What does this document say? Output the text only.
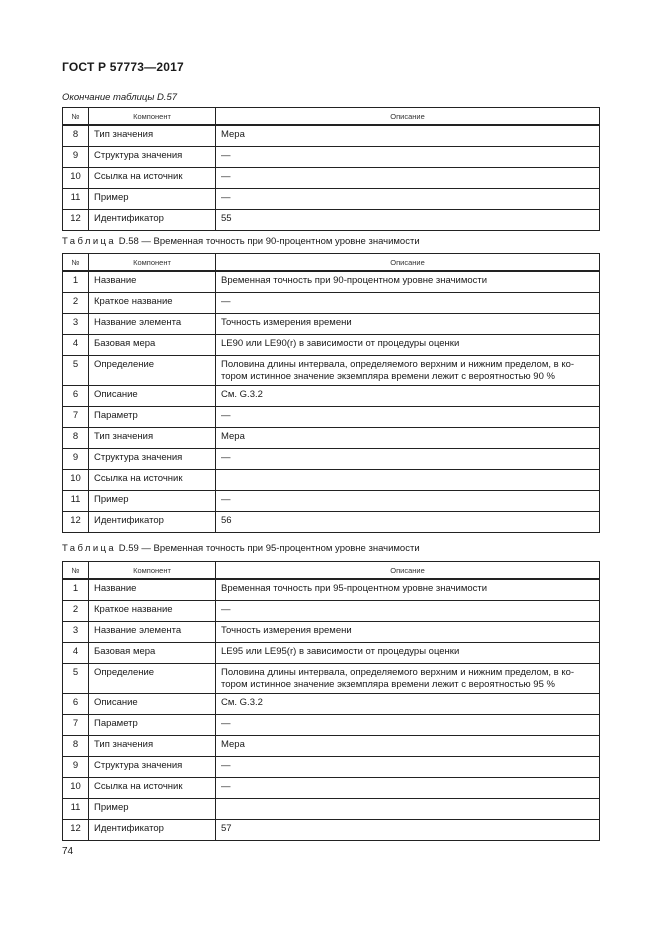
ГОСТ Р 57773—2017
Окончание таблицы D.57
№	Компонент	Описание
8	Тип значения	Мера
9	Структура значения	—
10	Ссылка на источник	—
11	Пример	—
12	Идентификатор	55
Таблица D.58 — Временная точность при 90-процентном уровне значимости
№	Компонент	Описание
1	Название	Временная точность при 90-процентном уровне значимости
2	Краткое название	—
3	Название элемента	Точность измерения времени
4	Базовая мера	LE90 или LE90(r) в зависимости от процедуры оценки
5	Определение	Половина длины интервала, определяемого верхним и нижним пределом, в ко-
тором истинное значение экземпляра времени лежит с вероятностью 90 %

6	Описание	См. G.3.2
7	Параметр	—
8	Тип значения	Мера
9	Структура значения	—
10	Ссылка на источник	
11	Пример	—
12	Идентификатор	56
Таблица D.59 — Временная точность при 95-процентном уровне значимости
№	Компонент	Описание
1	Название	Временная точность при 95-процентном уровне значимости
2	Краткое название	—
3	Название элемента	Точность измерения времени
4	Базовая мера	LE95 или LE95(r) в зависимости от процедуры оценки
5	Определение	Половина длины интервала, определяемого верхним и нижним пределом, в ко-
тором истинное значение экземпляра времени лежит с вероятностью 95 %

6	Описание	См. G.3.2
7	Параметр	—
8	Тип значения	Мера
9	Структура значения	—
10	Ссылка на источник	—
11	Пример	
12	Идентификатор	57
74
